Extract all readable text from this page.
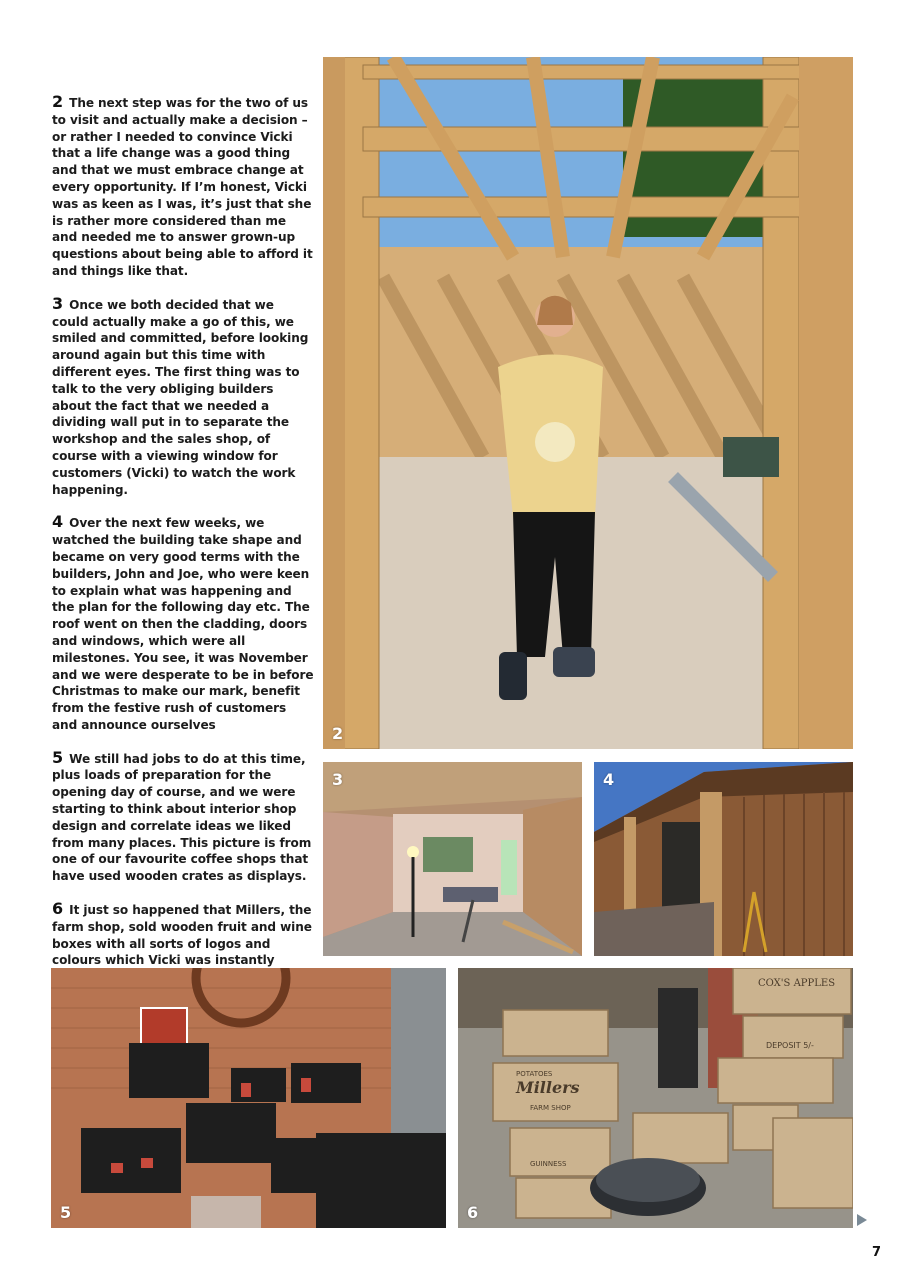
2 The next step was for the two of us to visit and actually make a decision – or rather I needed to convince Vicki that a life change was a good thing and that we must embrace change at every opportunity. If I’m honest, Vicki was as keen as I was, it’s just that she is rather more considered than me and needed me to answer grown-up questions about being able to afford it and things like that.

3 Once we both decided that we could actually make a go of this, we smiled and committed, before looking around again but this time with different eyes. The first thing was to talk to the very obliging builders about the fact that we needed a dividing wall put in to separate the workshop and the sales shop, of course with a viewing window for customers (Vicki) to watch the work happening.

4 Over the next few weeks, we watched the building take shape and became on very good terms with the builders, John and Joe, who were keen to explain what was happening and the plan for the following day etc. The roof went on then the cladding, doors and windows, which were all milestones. You see, it was November and we were desperate to be in before Christmas to make our mark, benefit from the festive rush of customers and announce ourselves

5 We still had jobs to do at this time, plus loads of preparation for the opening day of course, and we were starting to think about interior shop design and correlate ideas we liked from many places. This picture is from one of our favourite coffee shops that have used wooden crates as displays.

6 It just so happened that Millers, the farm shop, sold wooden fruit and wine boxes with all sorts of logos and colours which Vicki was instantly

2
3	4
5
COX'S APPLES
Millers
FARM SHOP
POTATOES
DEPOSIT 5/-
GUINNESS
6
7
